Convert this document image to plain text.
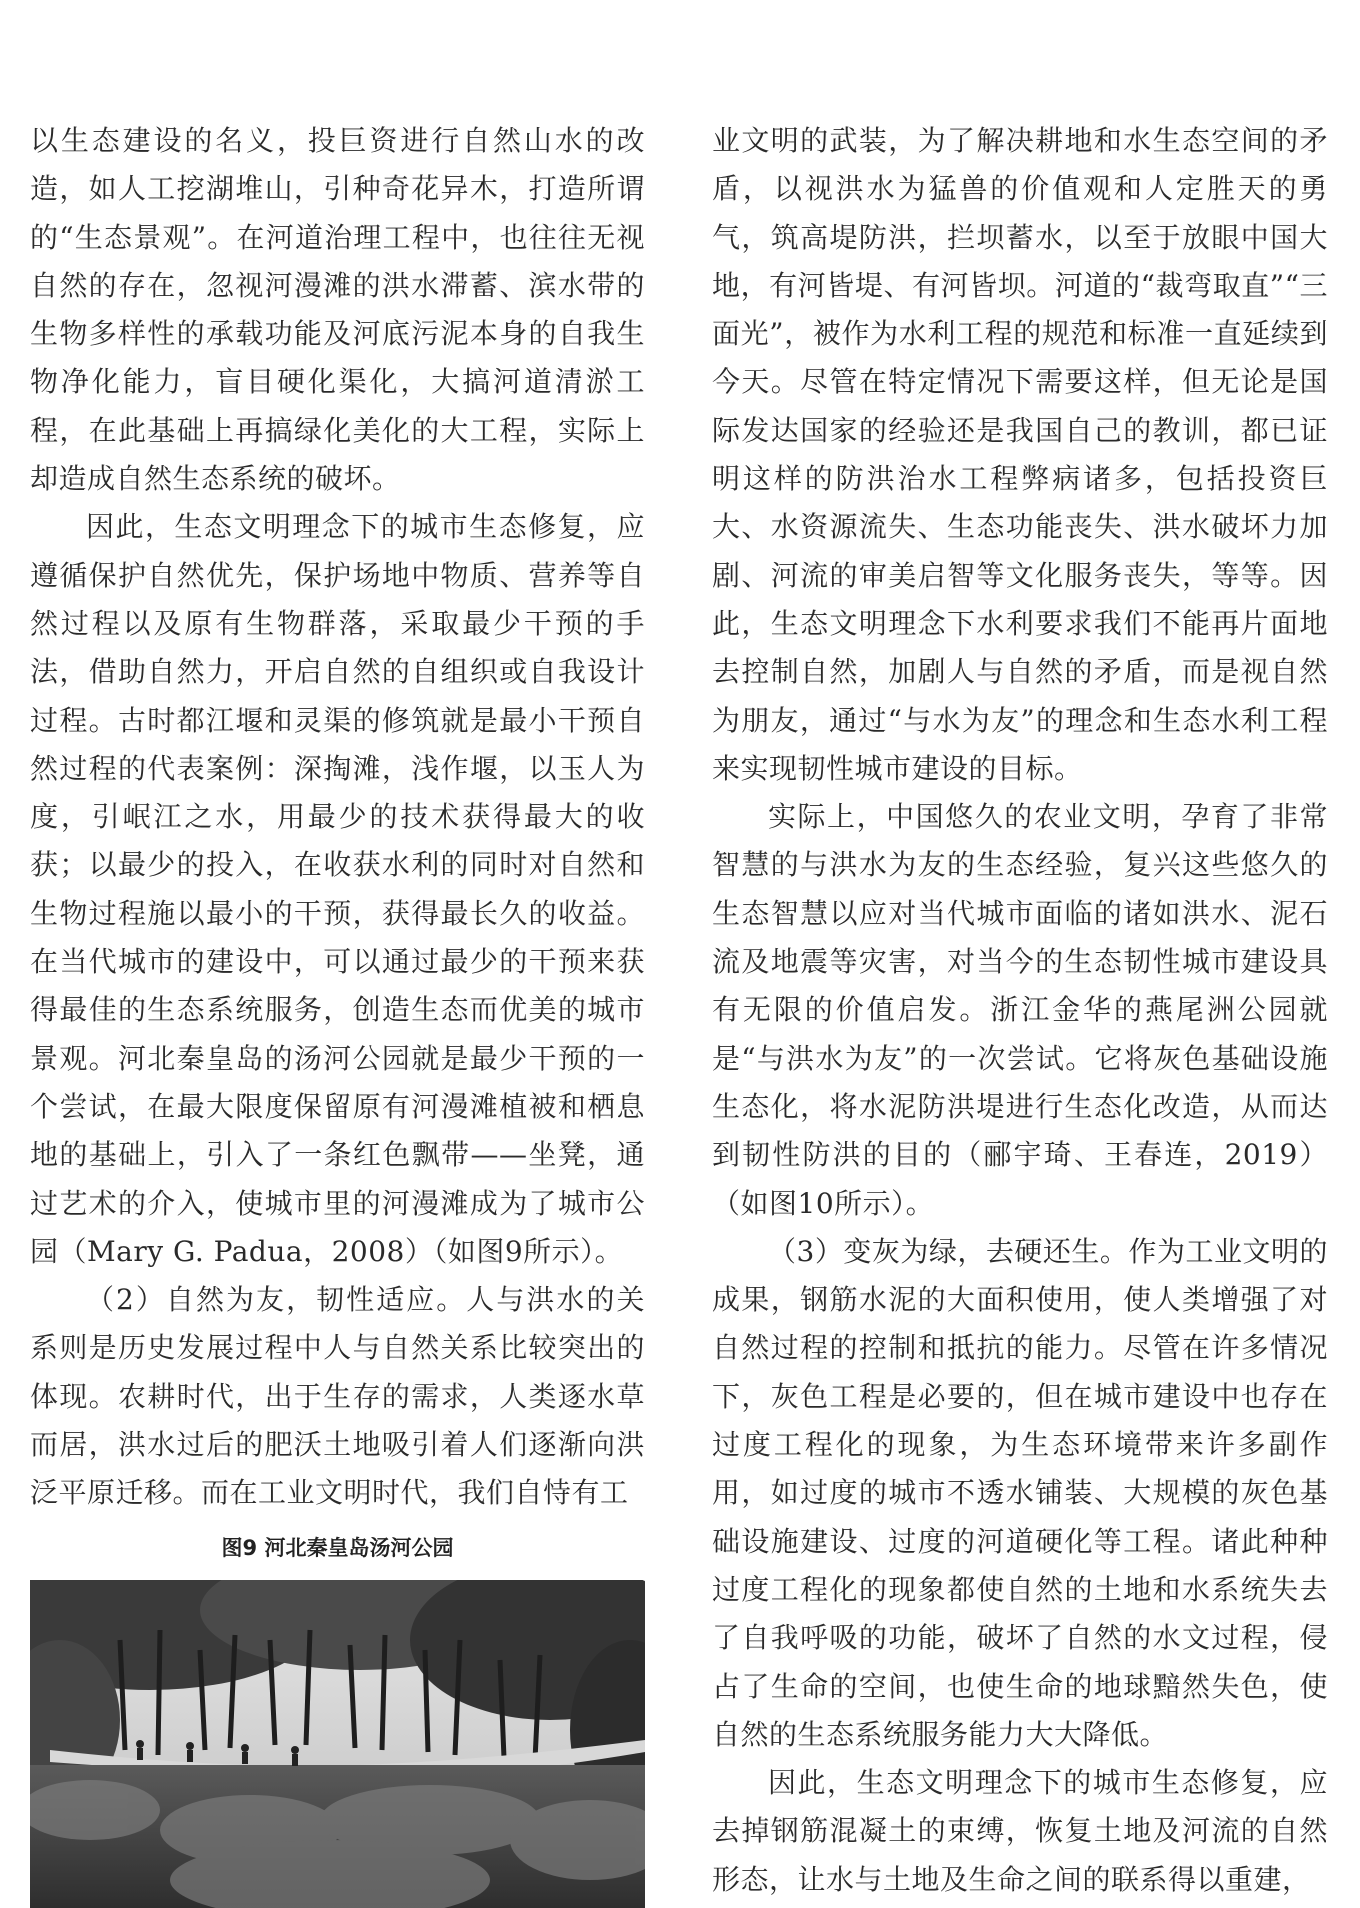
以生态建设的名义，投巨资进行自然山水的改造，如人工挖湖堆山，引种奇花异木，打造所谓的“生态景观”。在河道治理工程中，也往往无视自然的存在，忽视河漫滩的洪水滞蓄、滨水带的生物多样性的承载功能及河底污泥本身的自我生物净化能力，盲目硬化渠化，大搞河道清淤工程，在此基础上再搞绿化美化的大工程，实际上却造成自然生态系统的破坏。

因此，生态文明理念下的城市生态修复，应遵循保护自然优先，保护场地中物质、营养等自然过程以及原有生物群落，采取最少干预的手法，借助自然力，开启自然的自组织或自我设计过程。古时都江堰和灵渠的修筑就是最小干预自然过程的代表案例：深掏滩，浅作堰，以玉人为度，引岷江之水，用最少的技术获得最大的收获；以最少的投入，在收获水利的同时对自然和生物过程施以最小的干预，获得最长久的收益。在当代城市的建设中，可以通过最少的干预来获得最佳的生态系统服务，创造生态而优美的城市景观。河北秦皇岛的汤河公园就是最少干预的一个尝试，在最大限度保留原有河漫滩植被和栖息地的基础上，引入了一条红色飘带——坐凳，通过艺术的介入，使城市里的河漫滩成为了城市公园（Mary G. Padua，2008）（如图9所示）。

（2）自然为友，韧性适应。人与洪水的关系则是历史发展过程中人与自然关系比较突出的体现。农耕时代，出于生存的需求，人类逐水草而居，洪水过后的肥沃土地吸引着人们逐渐向洪泛平原迁移。而在工业文明时代，我们自恃有工

业文明的武装，为了解决耕地和水生态空间的矛盾，以视洪水为猛兽的价值观和人定胜天的勇气，筑高堤防洪，拦坝蓄水，以至于放眼中国大地，有河皆堤、有河皆坝。河道的“裁弯取直”“三面光”，被作为水利工程的规范和标准一直延续到今天。尽管在特定情况下需要这样，但无论是国际发达国家的经验还是我国自己的教训，都已证明这样的防洪治水工程弊病诸多，包括投资巨大、水资源流失、生态功能丧失、洪水破坏力加剧、河流的审美启智等文化服务丧失，等等。因此，生态文明理念下水利要求我们不能再片面地去控制自然，加剧人与自然的矛盾，而是视自然为朋友，通过“与水为友”的理念和生态水利工程来实现韧性城市建设的目标。

实际上，中国悠久的农业文明，孕育了非常智慧的与洪水为友的生态经验，复兴这些悠久的生态智慧以应对当代城市面临的诸如洪水、泥石流及地震等灾害，对当今的生态韧性城市建设具有无限的价值启发。浙江金华的燕尾洲公园就是“与洪水为友”的一次尝试。它将灰色基础设施生态化，将水泥防洪堤进行生态化改造，从而达到韧性防洪的目的（郦宇琦、王春连，2019）（如图10所示）。

（3）变灰为绿，去硬还生。作为工业文明的成果，钢筋水泥的大面积使用，使人类增强了对自然过程的控制和抵抗的能力。尽管在许多情况下，灰色工程是必要的，但在城市建设中也存在过度工程化的现象，为生态环境带来许多副作用，如过度的城市不透水铺装、大规模的灰色基础设施建设、过度的河道硬化等工程。诸此种种过度工程化的现象都使自然的土地和水系统失去了自我呼吸的功能，破坏了自然的水文过程，侵占了生命的空间，也使生命的地球黯然失色，使自然的生态系统服务能力大大降低。

因此，生态文明理念下的城市生态修复，应去掉钢筋混凝土的束缚，恢复土地及河流的自然形态，让水与土地及生命之间的联系得以重建，

图9 河北秦皇岛汤河公园
